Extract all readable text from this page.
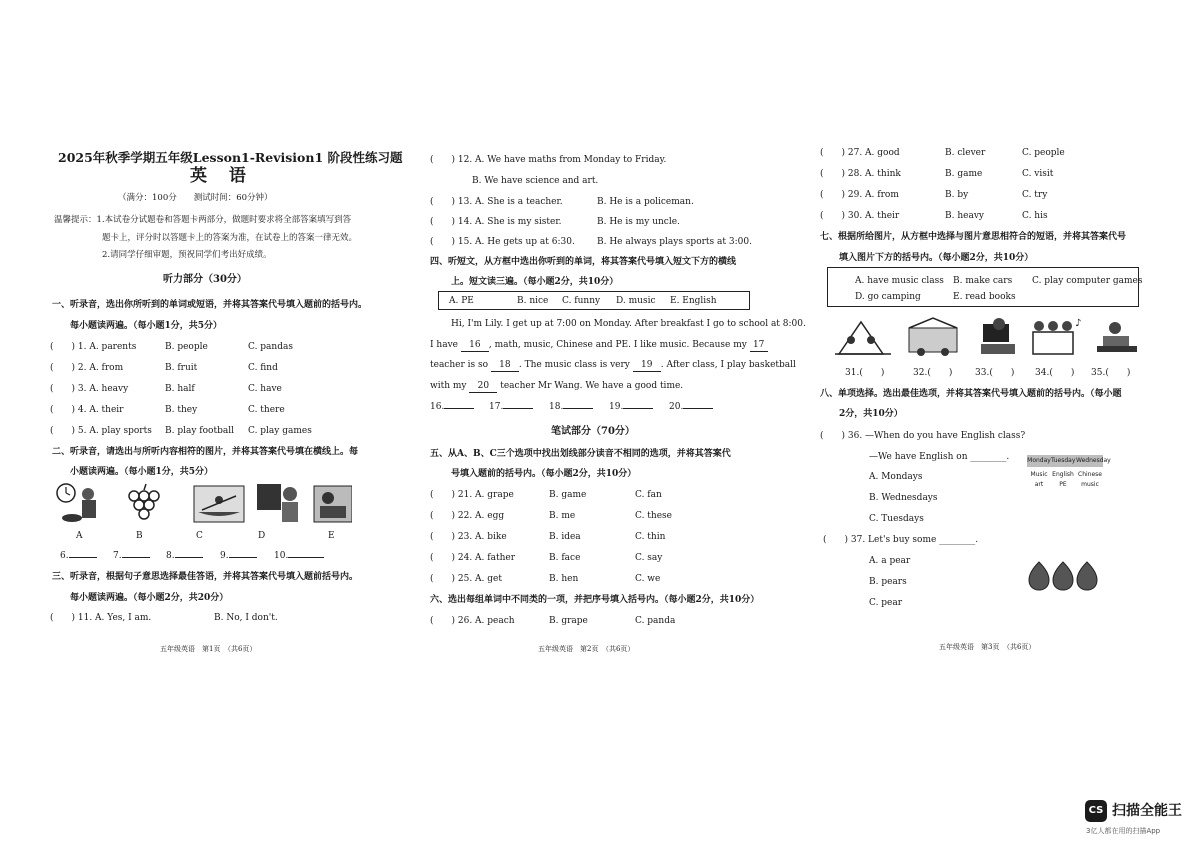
2025年秋季学期五年级Lesson1-Revision1 阶段性练习题
英 语
（满分：100分　　测试时间：60分钟）
温馨提示：1.本试卷分试题卷和答题卡两部分，做题时要求将全部答案填写到答
题卡上，评分时以答题卡上的答案为准，在试卷上的答案一律无效。
2.请同学仔细审题，预祝同学们考出好成绩。
听力部分（30分）
一、听录音，选出你所听到的单词或短语，并将其答案代号填入题前的括号内。
每小题读两遍。（每小题1分，共5分）
(　　) 1. A. parents	B. people	C. pandas
(　　) 2. A. from	B. fruit	C. find
(　　) 3. A. heavy	B. half	C. have
(　　) 4. A. their	B. they	C. there
(　　) 5. A. play sports B. play football C. play games
二、听录音，请选出与所听内容相符的图片，并将其答案代号填在横线上。每
小题读两遍。（每小题1分，共5分）
A	B	C	D	E
6.	7.	8.	9.	10.
三、听录音，根据句子意思选择最佳答语，并将其答案代号填入题前括号内。
每小题读两遍。（每小题2分，共20分）
(　　) 11. A. Yes, I am.	B. No, I don't.
五年级英语　第1页　（共6页）
(　　) 12. A. We have maths from Monday to Friday.
B. We have science and art.
(　　) 13. A. She is a teacher.	B. He is a policeman.
(　　) 14. A. She is my sister.	B. He is my uncle.
(　　) 15. A. He gets up at 6:30. B. He always plays sports at 3:00.
四、听短文，从方框中选出你听到的单词，将其答案代号填入短文下方的横线
上。短文读三遍。（每小题2分，共10分）
A. PE	B. nice C. funny D. music E. English
Hi, I'm Lily. I get up at 7:00 on Monday. After breakfast I go to school at 8:00.
I have 16 , math, music, Chinese and PE. I like music. Because my 17
teacher is so 18 . The music class is very 19 . After class, I play basketball
with my 20 teacher Mr Wang. We have a good time.
16.	17.	18.	19.	20.
笔试部分（70分）
五、从A、B、C三个选项中找出划线部分读音不相同的选项，并将其答案代
号填入题前的括号内。（每小题2分，共10分）
(　　) 21. A. grape	B. game	C. fan
(　　) 22. A. egg	B. me	C. these
(　　) 23. A. bike	B. idea	C. thin
(　　) 24. A. father	B. face	C. say
(　　) 25. A. get	B. hen	C. we
六、选出每组单词中不同类的一项，并把序号填入括号内。（每小题2分，共10分）
(　　) 26. A. peach	B. grape	C. panda
五年级英语　第2页　（共6页）
(　　) 27. A. good	B. clever	C. people
(　　) 28. A. think	B. game	C. visit
(　　) 29. A. from	B. by	C. try
(　　) 30. A. their	B. heavy	C. his
七、根据所给图片，从方框中选择与图片意思相符合的短语，并将其答案代号
填入图片下方的括号内。（每小题2分，共10分）
A. have music class B. make cars C. play computer games
D. go camping	E. read books
♪
31.(　　)	32.(　　)	33.(　　) 34.(　　) 35.(　　)
八、单项选择。选出最佳选项，并将其答案代号填入题前的括号内。（每小题
2分，共10分）
(　　) 36. —When do you have English class?
—We have English on ________.
A. Mondays
B. Wednesdays
C. Tuesdays
Monday Tuesday Wednesday
Music English Chinese
art	PE	music
(　　) 37. Let's buy some ________.
A. a pear
B. pears
C. pear
五年级英语　第3页　（共6页）
CS 扫描全能王
3亿人都在用的扫描App
